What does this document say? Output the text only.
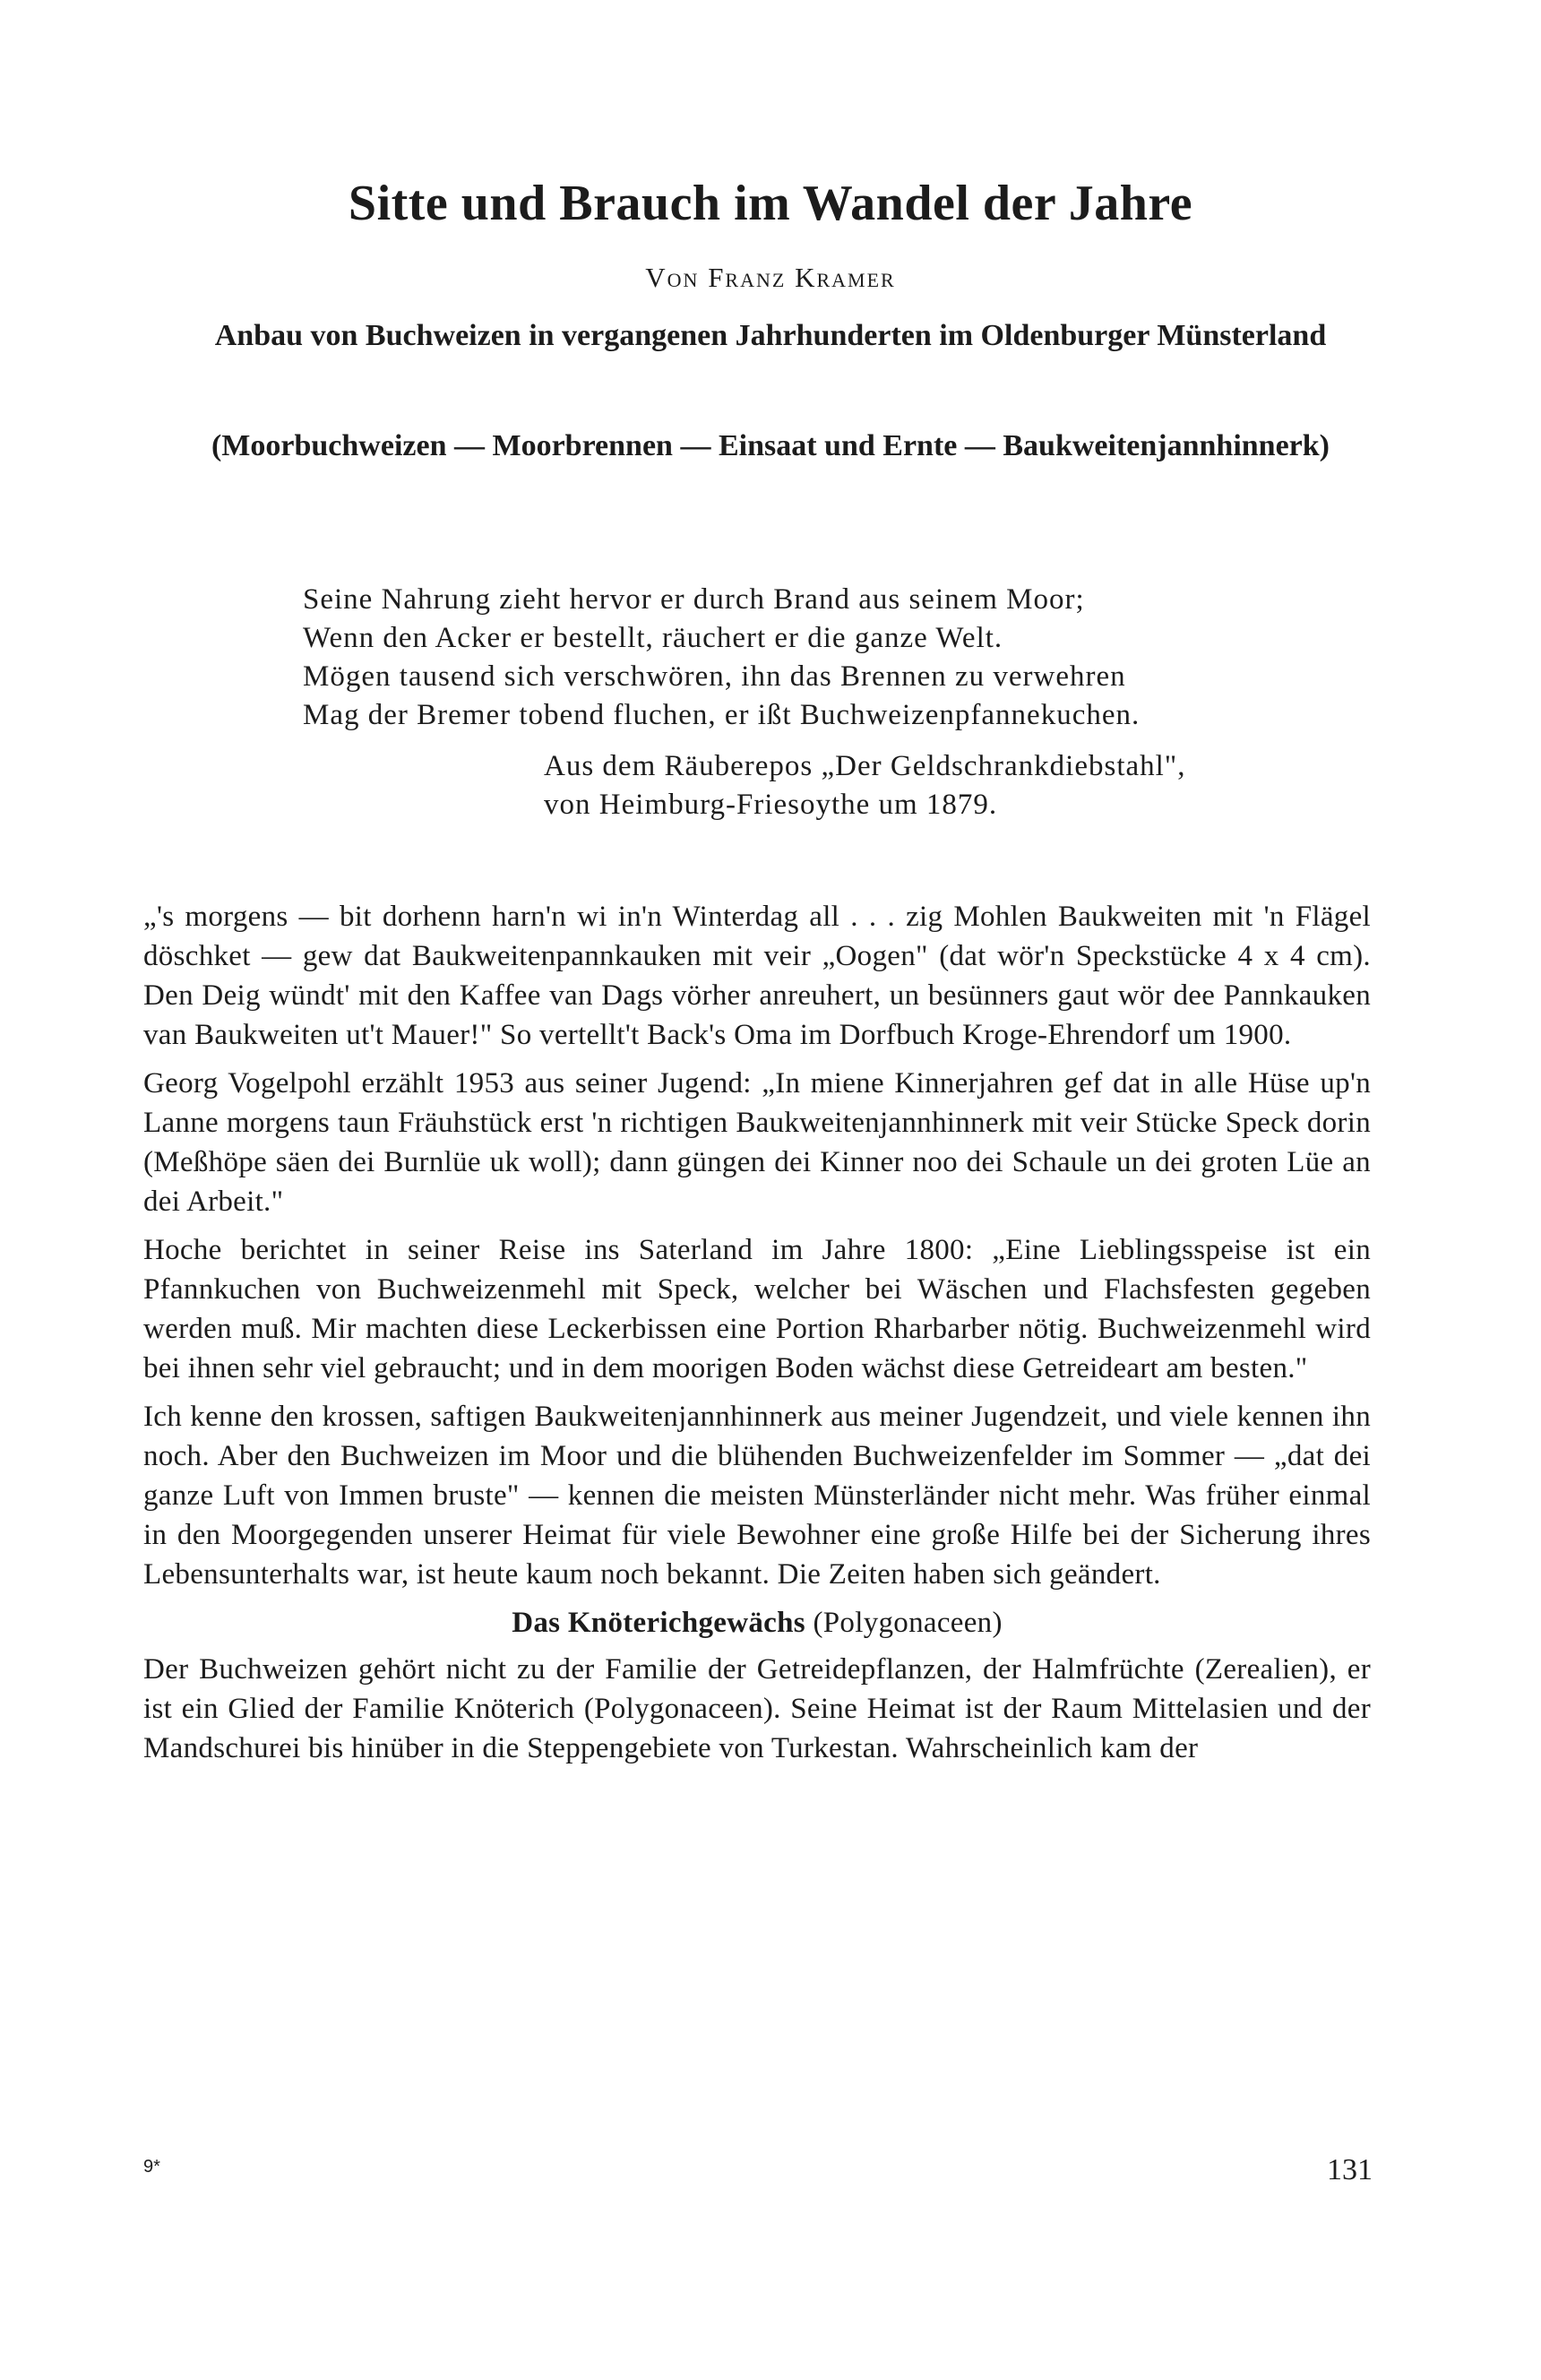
Sitte und Brauch im Wandel der Jahre
Von Franz Kramer
Anbau von Buchweizen in vergangenen Jahrhunderten im Oldenburger Münsterland
(Moorbuchweizen — Moorbrennen — Einsaat und Ernte — Baukweitenjannhinnerk)
Seine Nahrung zieht hervor er durch Brand aus seinem Moor;
Wenn den Acker er bestellt, räuchert er die ganze Welt.
Mögen tausend sich verschwören, ihn das Brennen zu verwehren
Mag der Bremer tobend fluchen, er ißt Buchweizenpfannekuchen.
Aus dem Räuberepos „Der Geldschrankdiebstahl",
von Heimburg-Friesoythe um 1879.

„'s morgens — bit dorhenn harn'n wi in'n Winterdag all . . . zig Mohlen Baukweiten mit 'n Flägel döschket — gew dat Baukweitenpannkauken mit veir „Oogen" (dat wör'n Speckstücke 4 x 4 cm). Den Deig wündt' mit den Kaffee van Dags vörher anreuhert, un besünners gaut wör dee Pannkauken van Baukweiten ut't Mauer!" So vertellt't Back's Oma im Dorfbuch Kroge-Ehrendorf um 1900.

Georg Vogelpohl erzählt 1953 aus seiner Jugend: „In miene Kinnerjahren gef dat in alle Hüse up'n Lanne morgens taun Fräuhstück erst 'n richtigen Baukweitenjannhinnerk mit veir Stücke Speck dorin (Meßhöpe säen dei Burnlüe uk woll); dann güngen dei Kinner noo dei Schaule un dei groten Lüe an dei Arbeit."

Hoche berichtet in seiner Reise ins Saterland im Jahre 1800: „Eine Lieblingsspeise ist ein Pfannkuchen von Buchweizenmehl mit Speck, welcher bei Wäschen und Flachsfesten gegeben werden muß. Mir machten diese Leckerbissen eine Portion Rharbarber nötig. Buchweizenmehl wird bei ihnen sehr viel gebraucht; und in dem moorigen Boden wächst diese Getreideart am besten."

Ich kenne den krossen, saftigen Baukweitenjannhinnerk aus meiner Jugendzeit, und viele kennen ihn noch. Aber den Buchweizen im Moor und die blühenden Buchweizenfelder im Sommer — „dat dei ganze Luft von Immen bruste" — kennen die meisten Münsterländer nicht mehr. Was früher einmal in den Moorgegenden unserer Heimat für viele Bewohner eine große Hilfe bei der Sicherung ihres Lebensunterhalts war, ist heute kaum noch bekannt. Die Zeiten haben sich geändert.

Das Knöterichgewächs (Polygonaceen)

Der Buchweizen gehört nicht zu der Familie der Getreidepflanzen, der Halmfrüchte (Zerealien), er ist ein Glied der Familie Knöterich (Polygonaceen). Seine Heimat ist der Raum Mittelasien und der Mandschurei bis hinüber in die Steppengebiete von Turkestan. Wahrscheinlich kam der

9*	131
